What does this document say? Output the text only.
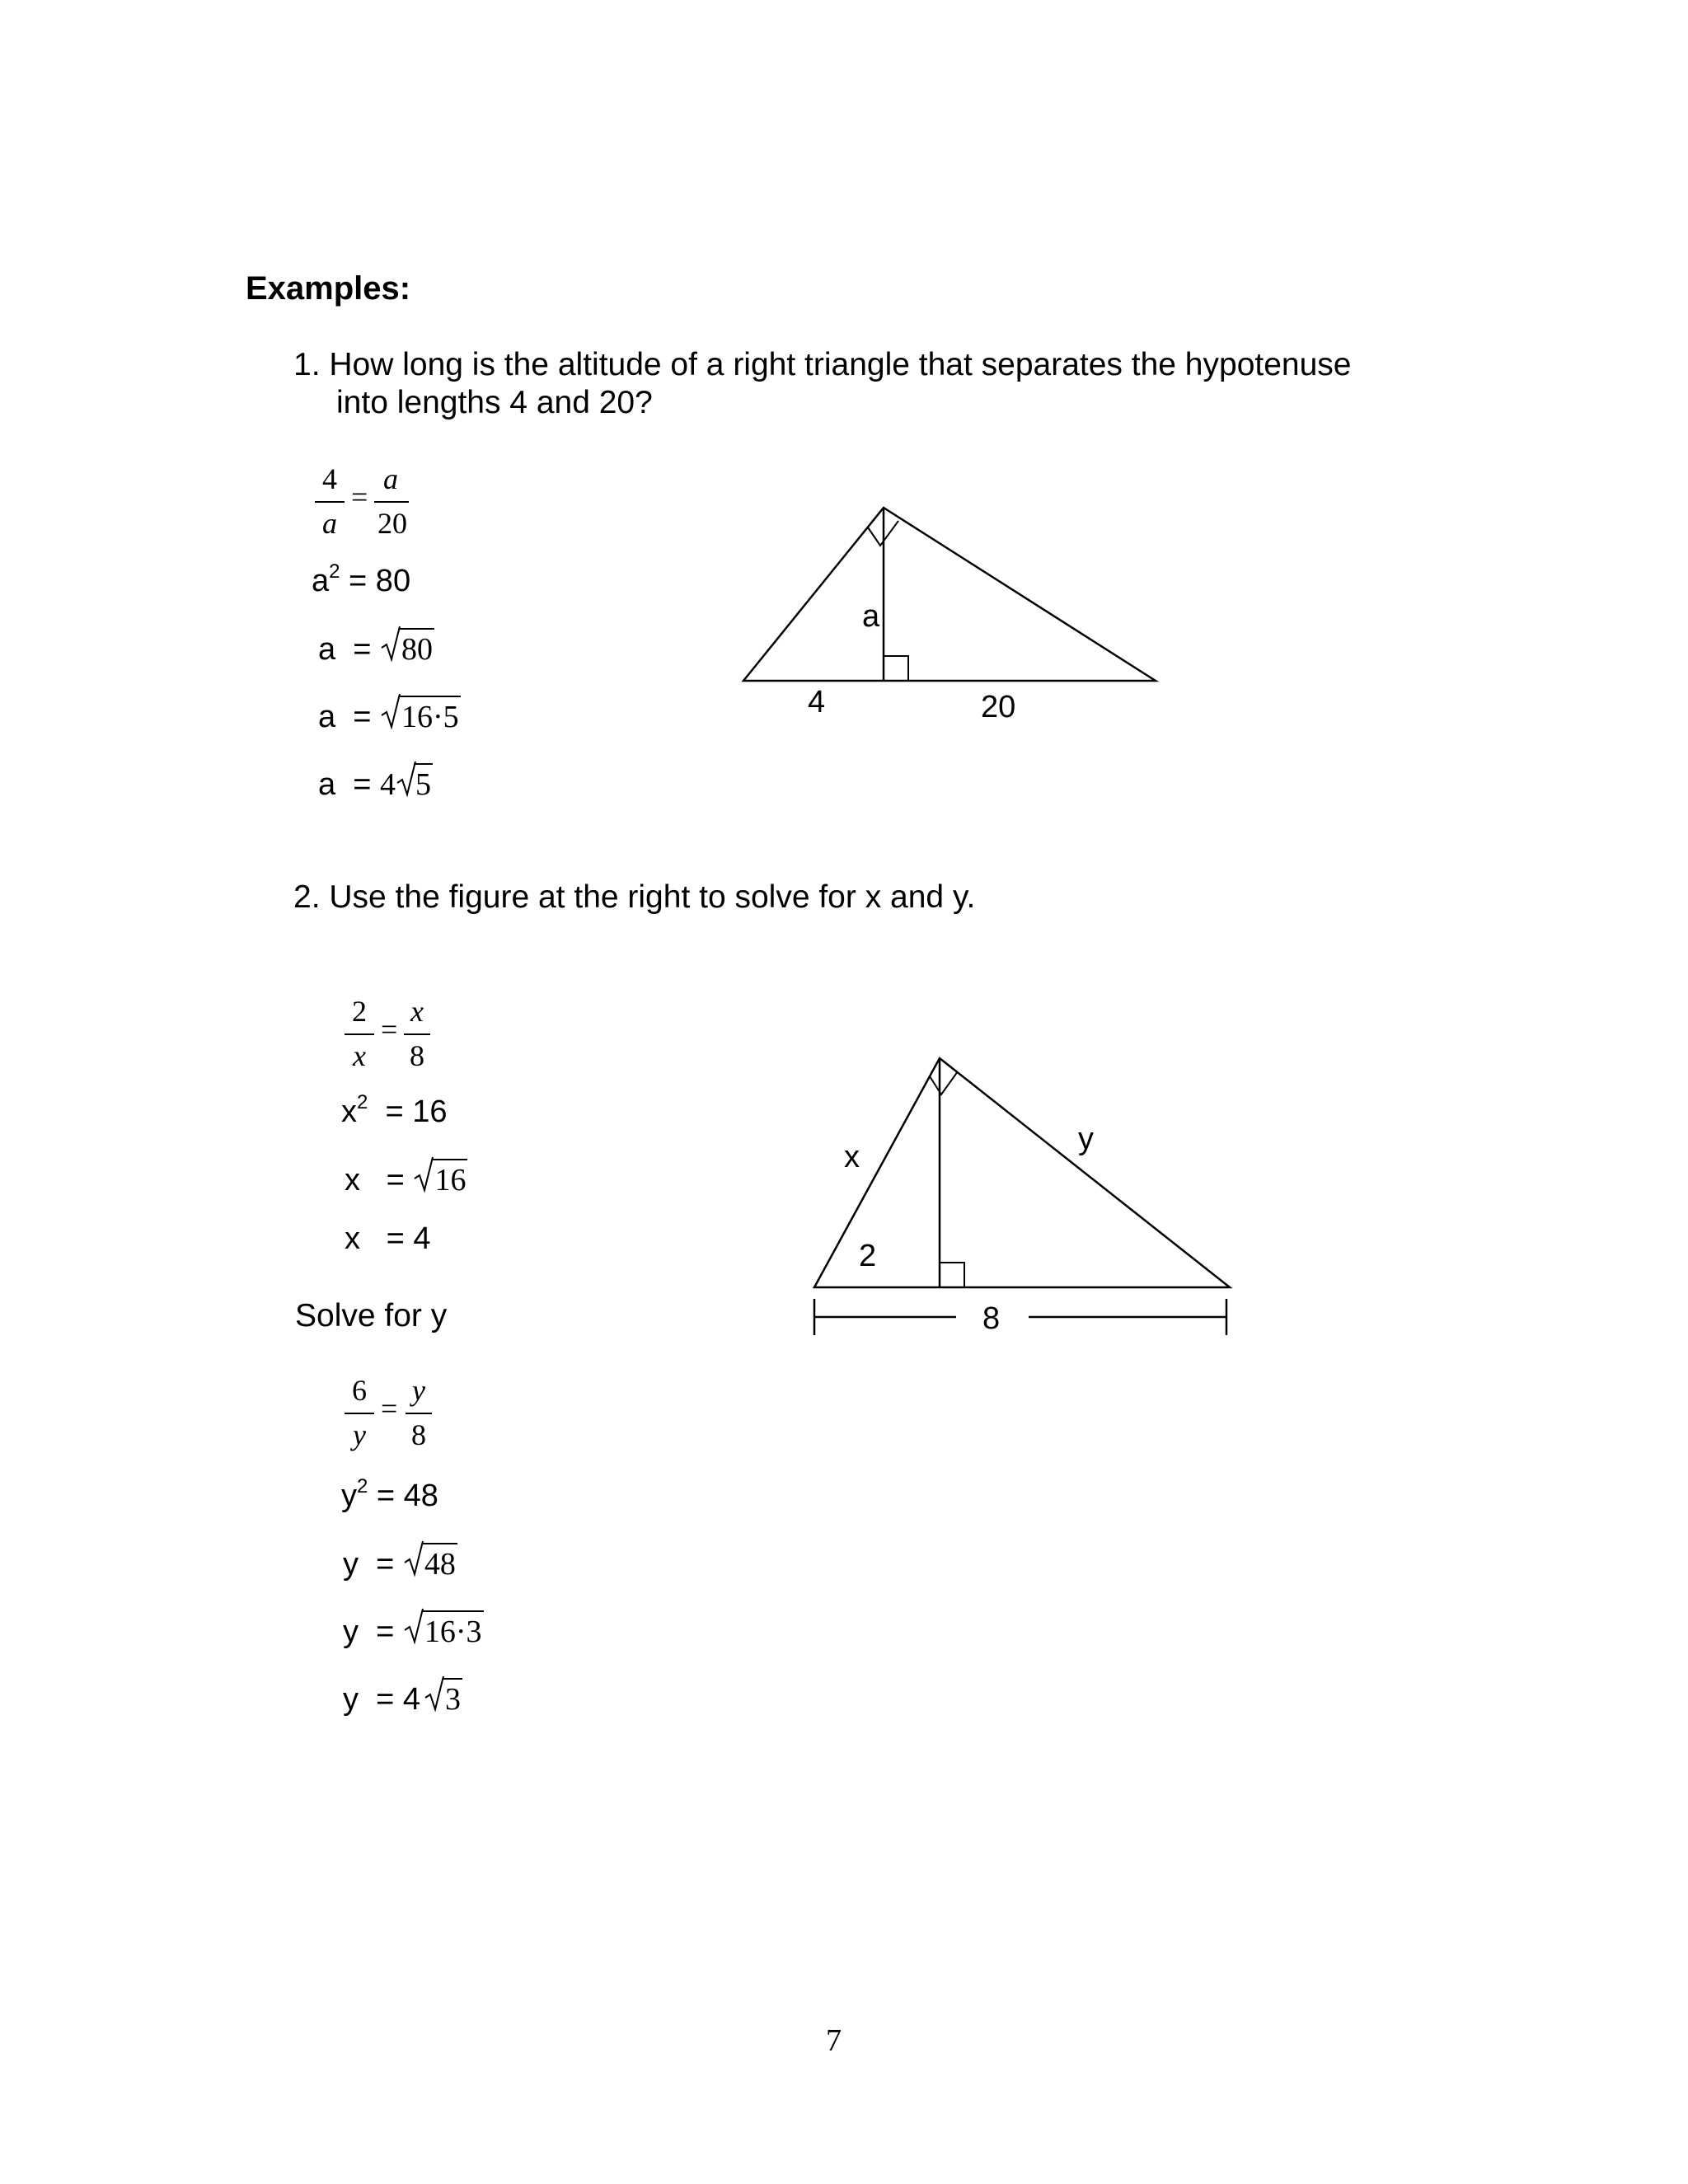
Examples:
1. How long is the altitude of a right triangle that separates the hypotenuse
into lengths 4 and 20?
4
a
=
a
20
$a^2 = 80$
a  = 80
a  = 16·5
a  = 4 5
a
4	20
2. Use the figure at the right to solve for x and y.
2
x
=
x
8
$x^2 = 16$
x   = 16
x   = 4
Solve for y
6
y
=
y
8
$y^2 = 48$
y  = 48
y  = 16·3
y  = 4 3
x
y
2
8
7
